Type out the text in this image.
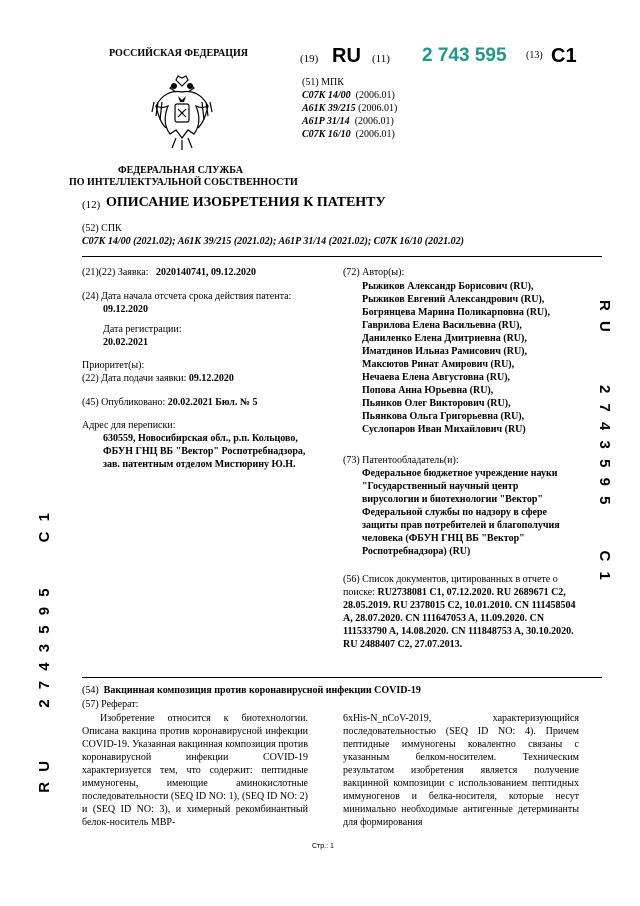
РОССИЙСКАЯ ФЕДЕРАЦИЯ
ФЕДЕРАЛЬНАЯ СЛУЖБА
ПО ИНТЕЛЛЕКТУАЛЬНОЙ СОБСТВЕННОСТИ
(19) RU (11) 2 743 595 (13) C1
(51) МПК
C07K 14/00 (2006.01)
A61K 39/215 (2006.01)
A61P 31/14 (2006.01)
C07K 16/10 (2006.01)
(12) ОПИСАНИЕ ИЗОБРЕТЕНИЯ К ПАТЕНТУ
(52) СПК
C07K 14/00 (2021.02); A61K 39/215 (2021.02); A61P 31/14 (2021.02); C07K 16/10 (2021.02)
(21)(22) Заявка: 2020140741, 09.12.2020
(24) Дата начала отсчета срока действия патента:
09.12.2020
Дата регистрации:
20.02.2021
Приоритет(ы):
(22) Дата подачи заявки: 09.12.2020
(45) Опубликовано: 20.02.2021 Бюл. № 5
Адрес для переписки:
630559, Новосибирская обл., р.п. Кольцово,
ФБУН ГНЦ ВБ "Вектор" Роспотребнадзора,
зав. патентным отделом Мистюрину Ю.Н.
(72) Автор(ы):
Рыжиков Александр Борисович (RU),
Рыжиков Евгений Александрович (RU),
Богрянцева Марина Поликарповна (RU),
Гаврилова Елена Васильевна (RU),
Даниленко Елена Дмитриевна (RU),
Иматдинов Ильназ Рамисович (RU),
Максютов Ринат Амирович (RU),
Нечаева Елена Августовна (RU),
Попова Анна Юрьевна (RU),
Пьянков Олег Викторович (RU),
Пьянкова Ольга Григорьевна (RU),
Суслопаров Иван Михайлович (RU)
(73) Патентообладатель(и):
Федеральное бюджетное учреждение науки "Государственный научный центр вирусологии и биотехнологии "Вектор" Федеральной службы по надзору в сфере защиты прав потребителей и благополучия человека (ФБУН ГНЦ ВБ "Вектор" Роспотребнадзора) (RU)
(56) Список документов, цитированных в отчете о поиске: RU2738081 C1, 07.12.2020. RU 2689671 C2, 28.05.2019. RU 2378015 C2, 10.01.2010. CN 111458504 A, 28.07.2020. CN 111647053 A, 11.09.2020. CN 111533790 A, 14.08.2020. CN 111848753 A, 30.10.2020. RU 2488407 C2, 27.07.2013.
R U       2 7 4 3 5 9 5      C 1
R U       2 7 4 3 5 9 5      C 1
(54) Вакцинная композиция против коронавирусной инфекции COVID-19
(57) Реферат:
Изобретение относится к биотехнологии. Описана вакцина против коронавирусной инфекции COVID-19. Указанная вакцинная композиция против коронавирусной инфекции COVID-19 характеризуется тем, что содержит: пептидные иммуногены, имеющие аминокислотные последовательности (SEQ ID NO: 1), (SEQ ID NO: 2) и (SEQ ID NO: 3), и химерный рекомбинантный белок-носитель MBP-
6xHis-N_nCoV-2019, характеризующийся последовательностью (SEQ ID NO: 4). Причем пептидные иммуногены ковалентно связаны с указанным белком-носителем. Техническим результатом изобретения является получение вакцинной композиции с использованием пептидных иммуногенов и белка-носителя, которые несут минимально необходимые антигенные детерминанты для формирования
Стр.: 1
